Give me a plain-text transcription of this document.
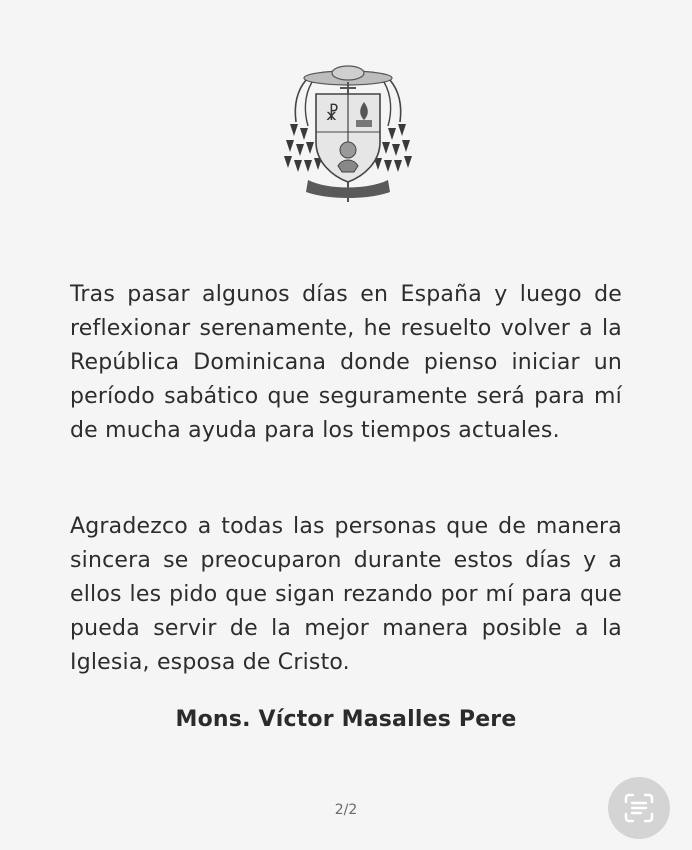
☧

Tras pasar algunos días en España y luego de reflexionar serenamente, he resuelto volver a la República Dominicana donde pienso iniciar un período sabático que seguramente será para mí de mucha ayuda para los tiempos actuales.

Agradezco a todas las personas que de manera sincera se preocuparon durante estos días y a ellos les pido que sigan rezando por mí para que pueda servir de la mejor manera posible a la Iglesia, esposa de Cristo.

Mons. Víctor Masalles Pere
2/2
